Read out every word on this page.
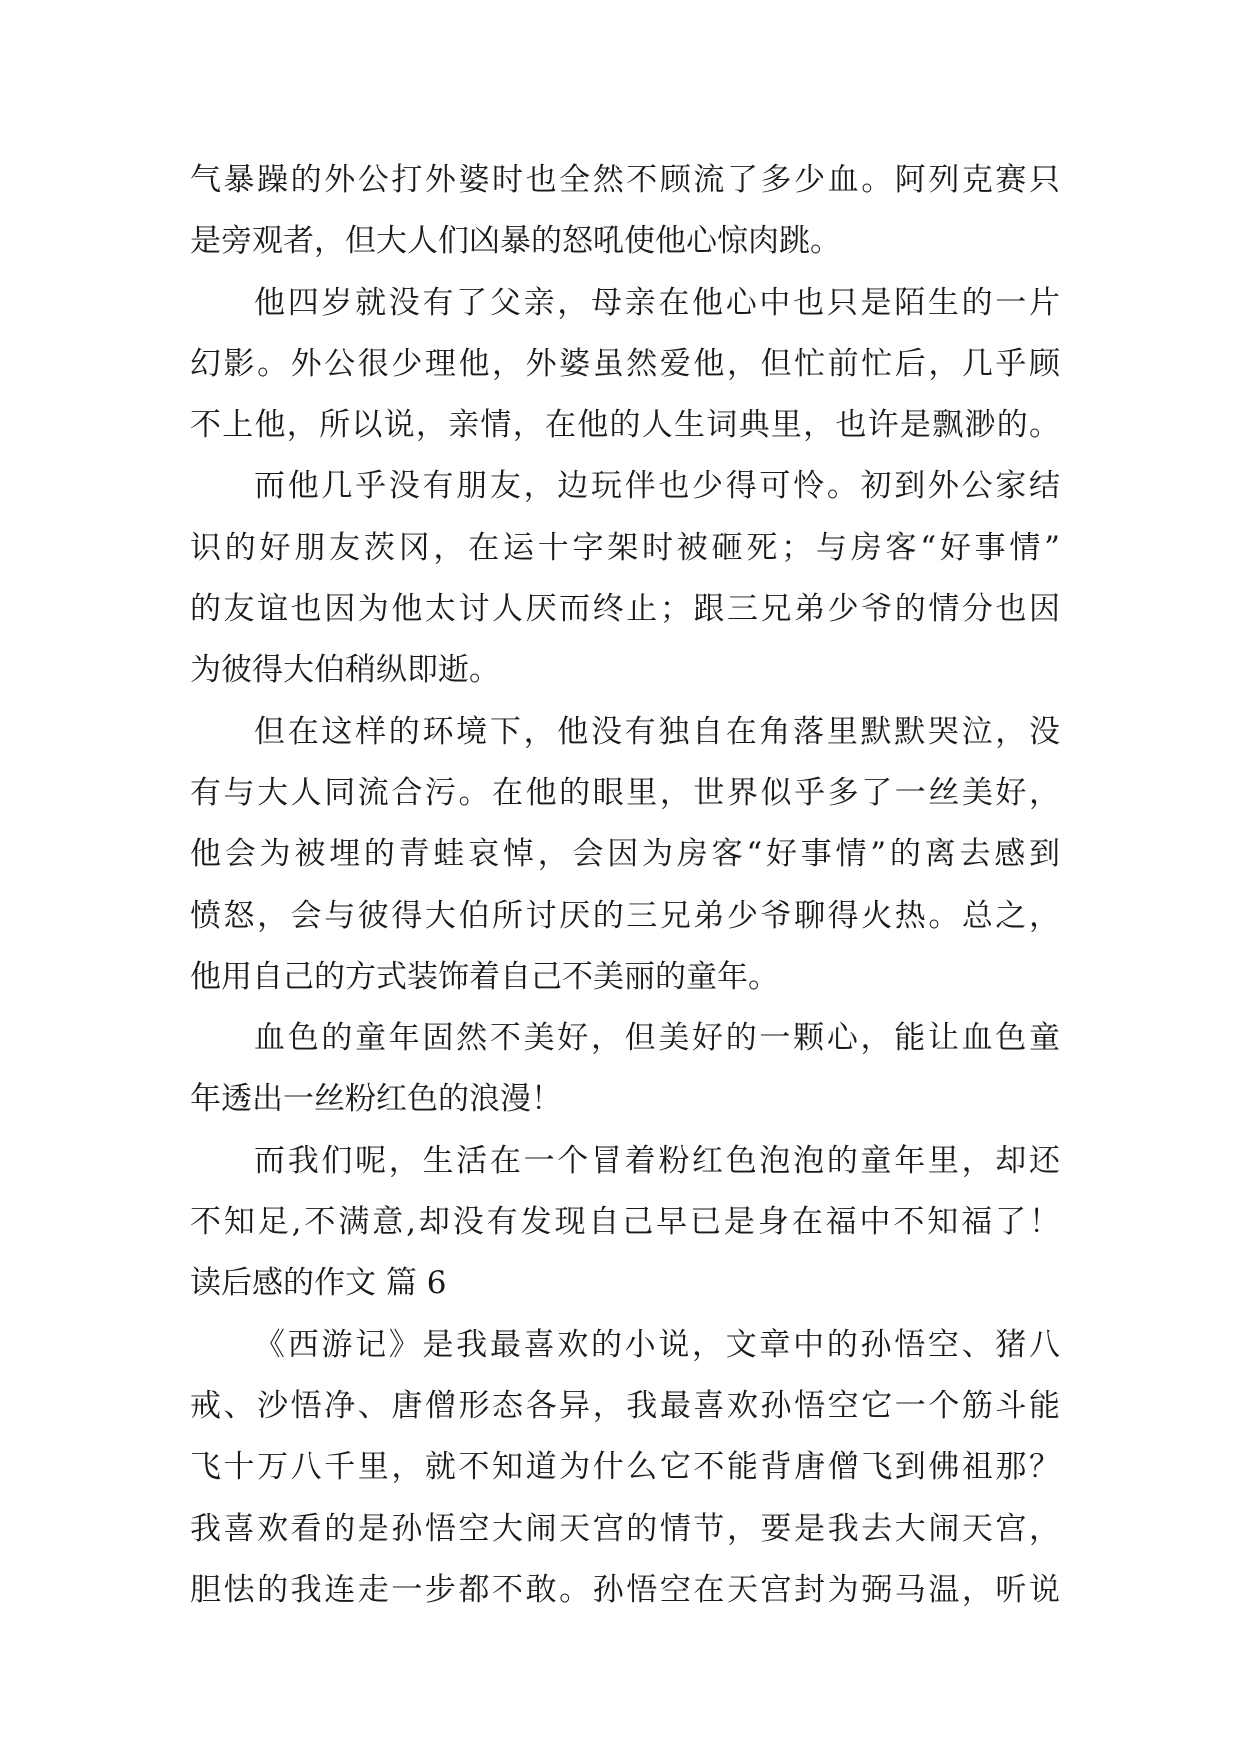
气暴躁的外公打外婆时也全然不顾流了多少血。阿列克赛只
是旁观者，但大人们凶暴的怒吼使他心惊肉跳。
他四岁就没有了父亲，母亲在他心中也只是陌生的一片
幻影。外公很少理他，外婆虽然爱他，但忙前忙后，几乎顾
不上他，所以说，亲情，在他的人生词典里，也许是飘渺的。
而他几乎没有朋友，边玩伴也少得可怜。初到外公家结
识的好朋友茨冈，在运十字架时被砸死；与房客“好事情”
的友谊也因为他太讨人厌而终止；跟三兄弟少爷的情分也因
为彼得大伯稍纵即逝。
但在这样的环境下，他没有独自在角落里默默哭泣，没
有与大人同流合污。在他的眼里，世界似乎多了一丝美好，
他会为被埋的青蛙哀悼，会因为房客“好事情”的离去感到
愤怒，会与彼得大伯所讨厌的三兄弟少爷聊得火热。总之，
他用自己的方式装饰着自己不美丽的童年。
血色的童年固然不美好，但美好的一颗心，能让血色童
年透出一丝粉红色的浪漫！
而我们呢，生活在一个冒着粉红色泡泡的童年里，却还
不知足,不满意,却没有发现自己早已是身在福中不知福了！
读后感的作文 篇 6
《西游记》是我最喜欢的小说，文章中的孙悟空、猪八
戒、沙悟净、唐僧形态各异，我最喜欢孙悟空它一个筋斗能
飞十万八千里，就不知道为什么它不能背唐僧飞到佛祖那？
我喜欢看的是孙悟空大闹天宫的情节，要是我去大闹天宫，
胆怯的我连走一步都不敢。孙悟空在天宫封为弼马温，听说
